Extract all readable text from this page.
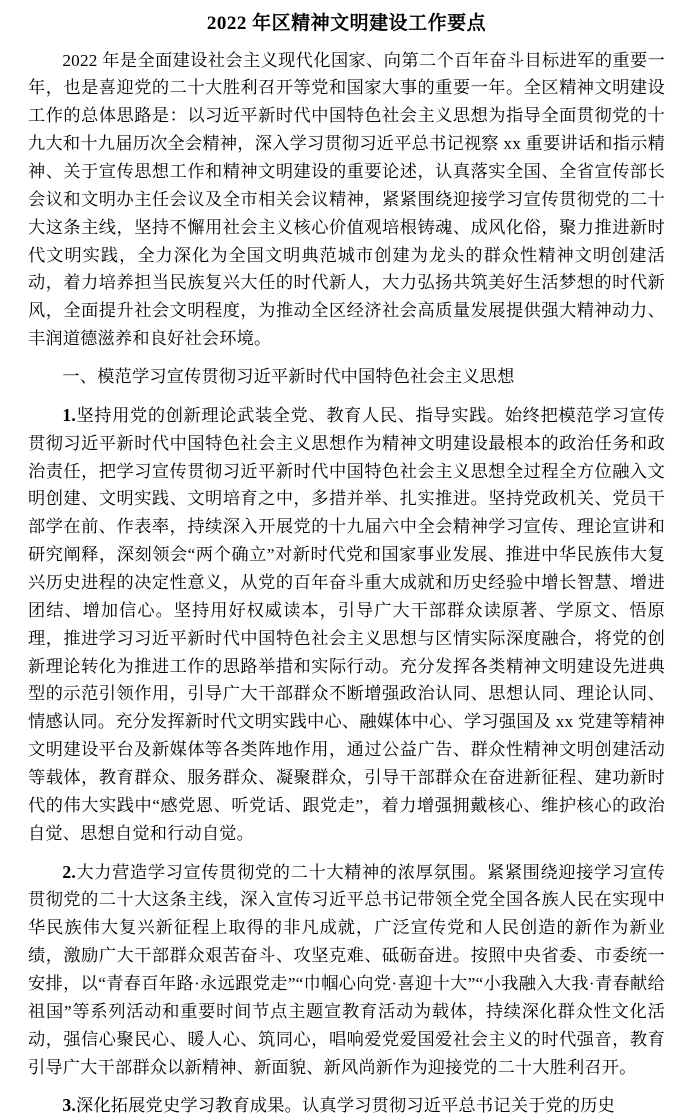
2022 年区精神文明建设工作要点

2022 年是全面建设社会主义现代化国家、向第二个百年奋斗目标进军的重要一年，也是喜迎党的二十大胜利召开等党和国家大事的重要一年。全区精神文明建设工作的总体思路是：以习近平新时代中国特色社会主义思想为指导全面贯彻党的十九大和十九届历次全会精神，深入学习贯彻习近平总书记视察 xx 重要讲话和指示精神、关于宣传思想工作和精神文明建设的重要论述，认真落实全国、全省宣传部长会议和文明办主任会议及全市相关会议精神，紧紧围绕迎接学习宣传贯彻党的二十大这条主线，坚持不懈用社会主义核心价值观培根铸魂、成风化俗，聚力推进新时代文明实践，全力深化为全国文明典范城市创建为龙头的群众性精神文明创建活动，着力培养担当民族复兴大任的时代新人，大力弘扬共筑美好生活梦想的时代新风，全面提升社会文明程度，为推动全区经济社会高质量发展提供强大精神动力、丰润道德滋养和良好社会环境。

一、模范学习宣传贯彻习近平新时代中国特色社会主义思想

1.坚持用党的创新理论武装全党、教育人民、指导实践。始终把模范学习宣传贯彻习近平新时代中国特色社会主义思想作为精神文明建设最根本的政治任务和政治责任，把学习宣传贯彻习近平新时代中国特色社会主义思想全过程全方位融入文明创建、文明实践、文明培育之中，多措并举、扎实推进。坚持党政机关、党员干部学在前、作表率，持续深入开展党的十九届六中全会精神学习宣传、理论宣讲和研究阐释，深刻领会“两个确立”对新时代党和国家事业发展、推进中华民族伟大复兴历史进程的决定性意义，从党的百年奋斗重大成就和历史经验中增长智慧、增进团结、增加信心。坚持用好权威读本，引导广大干部群众读原著、学原文、悟原理，推进学习习近平新时代中国特色社会主义思想与区情实际深度融合，将党的创新理论转化为推进工作的思路举措和实际行动。充分发挥各类精神文明建设先进典型的示范引领作用，引导广大干部群众不断增强政治认同、思想认同、理论认同、情感认同。充分发挥新时代文明实践中心、融媒体中心、学习强国及 xx 党建等精神文明建设平台及新媒体等各类阵地作用，通过公益广告、群众性精神文明创建活动等载体，教育群众、服务群众、凝聚群众，引导干部群众在奋进新征程、建功新时代的伟大实践中“感党恩、听党话、跟党走”，着力增强拥戴核心、维护核心的政治自觉、思想自觉和行动自觉。

2.大力营造学习宣传贯彻党的二十大精神的浓厚氛围。紧紧围绕迎接学习宣传贯彻党的二十大这条主线，深入宣传习近平总书记带领全党全国各族人民在实现中华民族伟大复兴新征程上取得的非凡成就，广泛宣传党和人民创造的新作为新业绩，激励广大干部群众艰苦奋斗、攻坚克难、砥砺奋进。按照中央省委、市委统一安排，以“青春百年路·永远跟党走”“巾帼心向党·喜迎十大”“小我融入大我·青春献给祖国”等系列活动和重要时间节点主题宣教育活动为载体，持续深化群众性文化活动，强信心聚民心、暖人心、筑同心，唱响爱党爱国爱社会主义的时代强音，教育引导广大干部群众以新精神、新面貌、新风尚新作为迎接党的二十大胜利召开。

3.深化拓展党史学习教育成果。认真学习贯彻习近平总书记关于党的历史
